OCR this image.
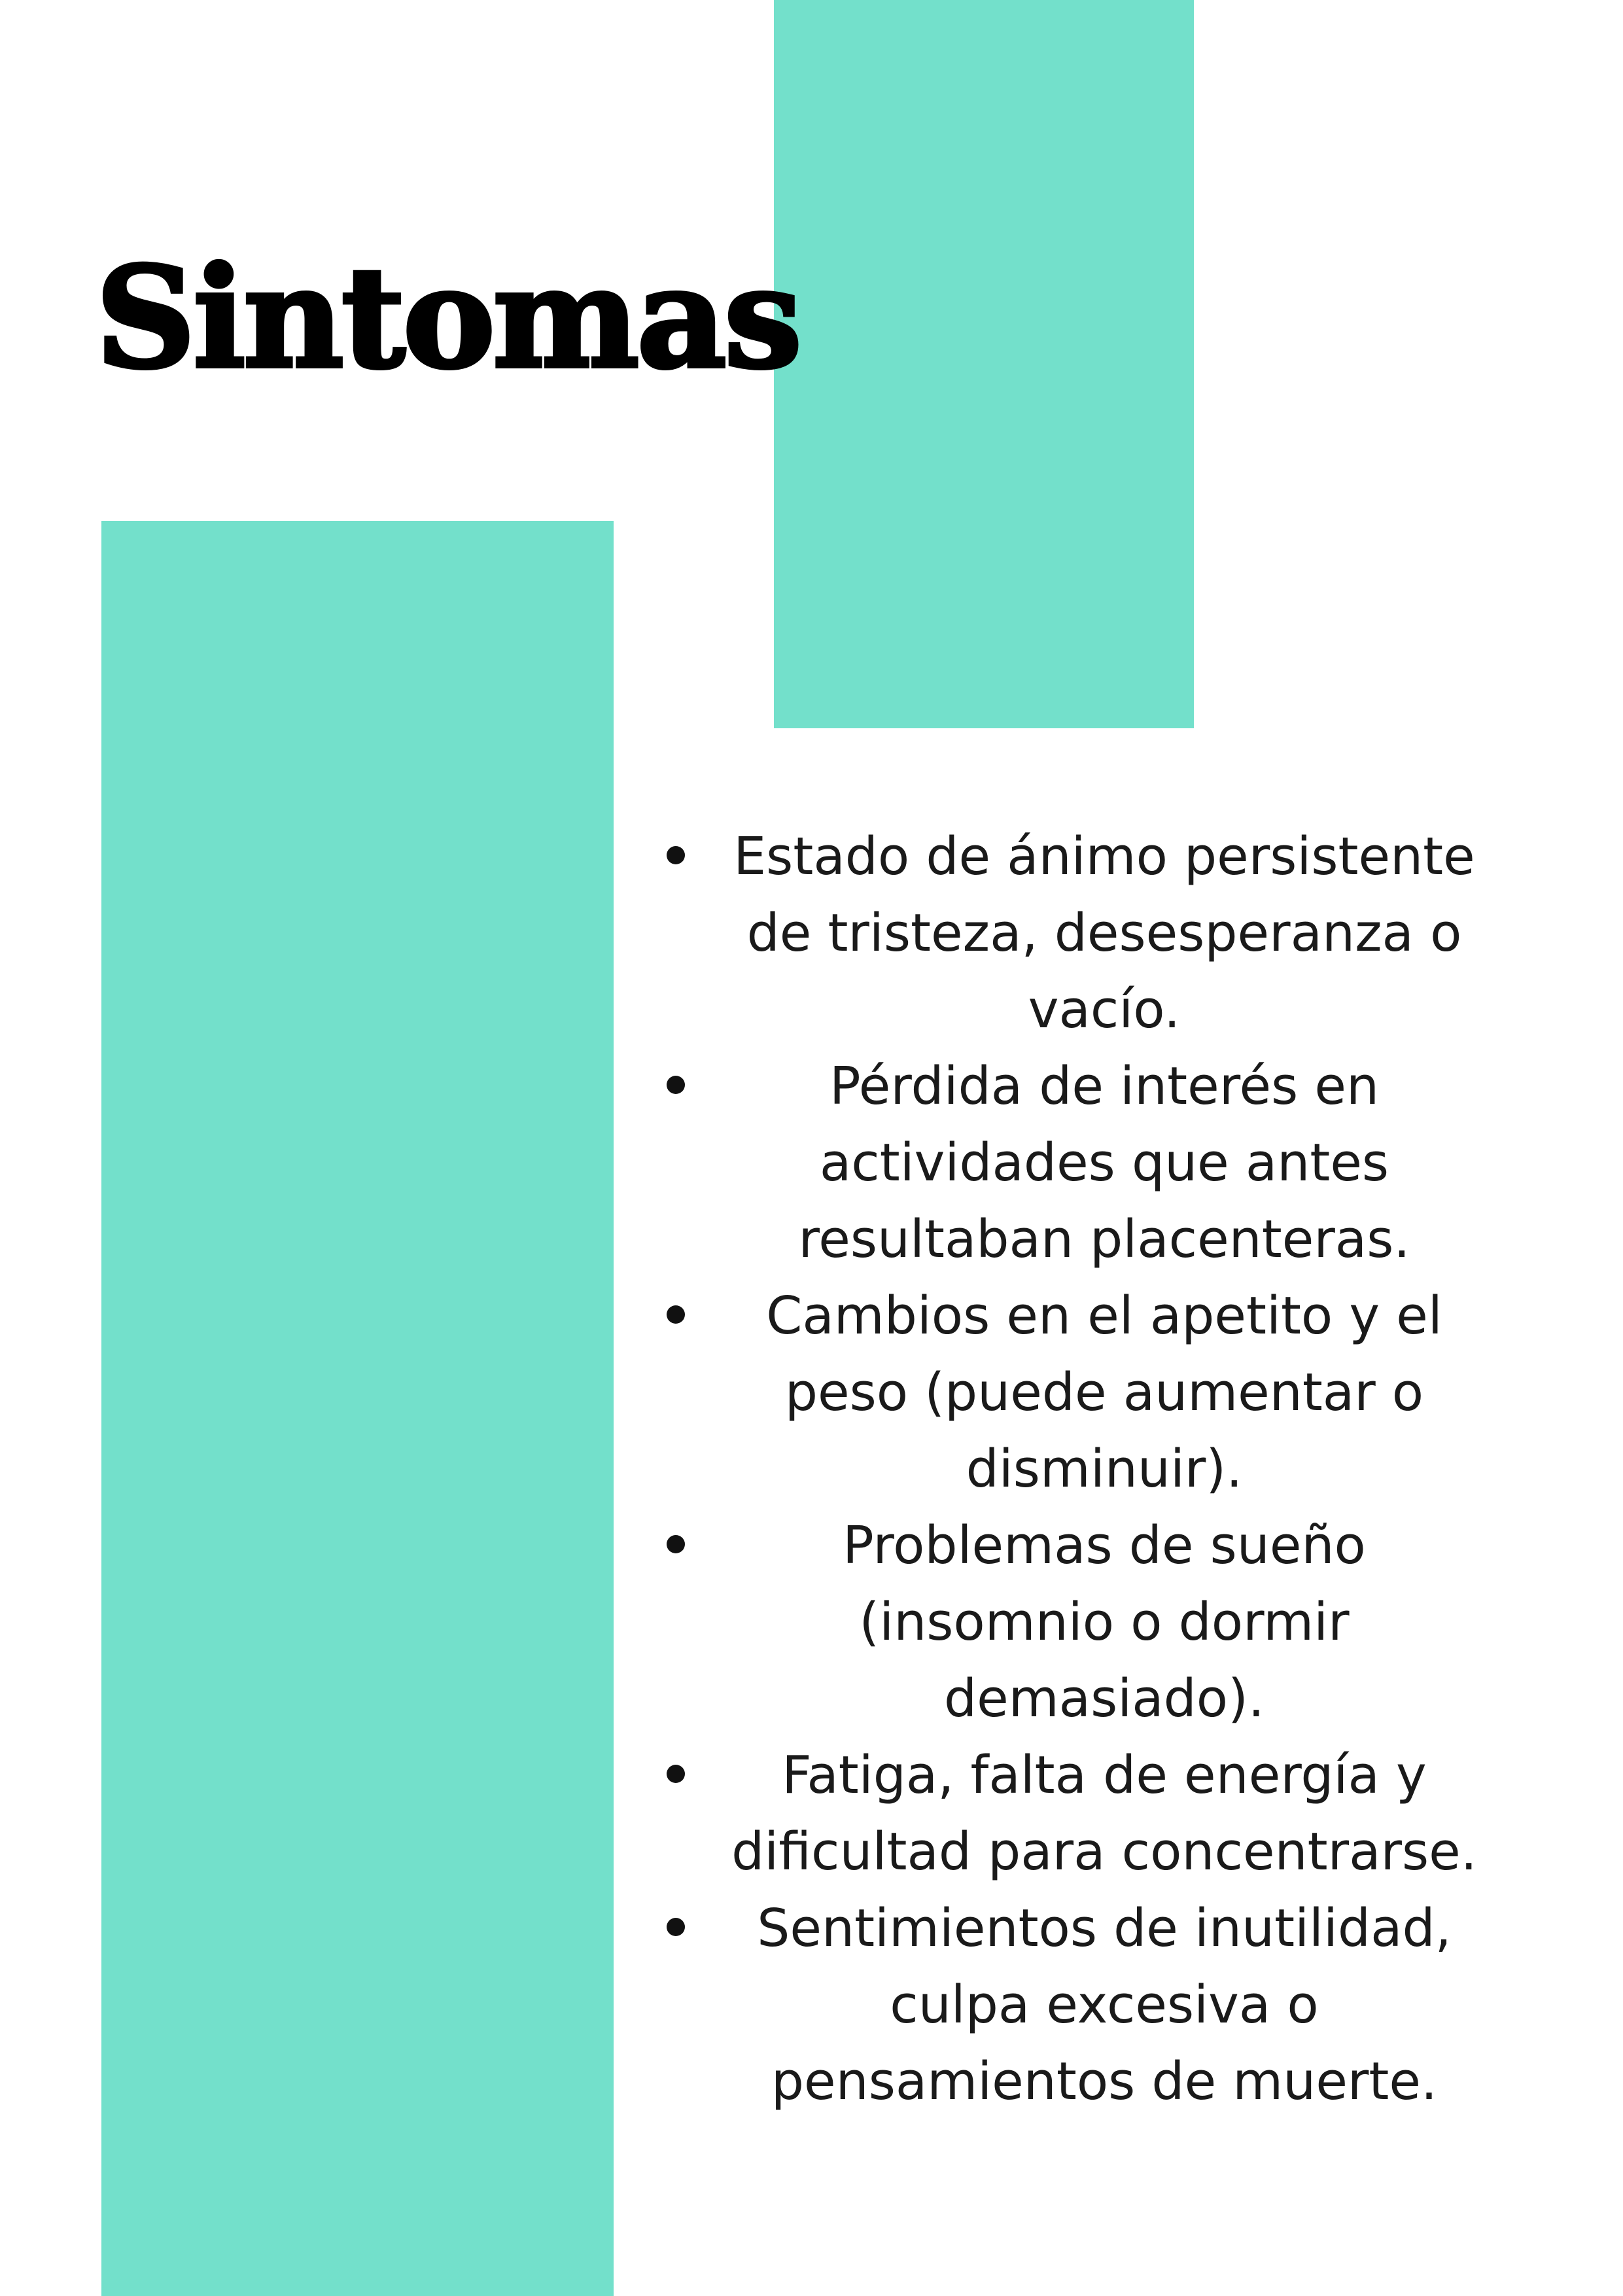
Sintomas
Estado de ánimo persistente de tristeza, desesperanza o vacío.
Pérdida de interés en actividades que antes resultaban placenteras.
Cambios en el apetito y el peso (puede aumentar o disminuir).
Problemas de sueño (insomnio o dormir demasiado).
Fatiga, falta de energía y dificultad para concentrarse.
Sentimientos de inutilidad, culpa excesiva o pensamientos de muerte.
